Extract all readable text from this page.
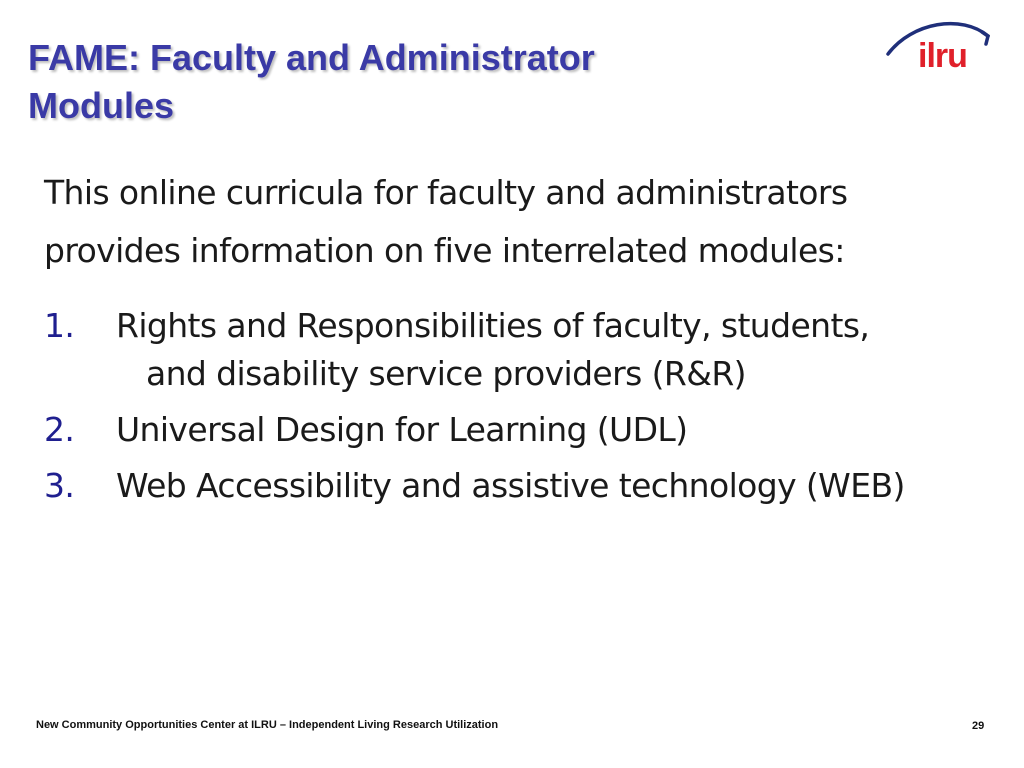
FAME: Faculty and Administrator
Modules
ilru

This online curricula for faculty and administrators
provides information on five interrelated modules:

1. Rights and Responsibilities of faculty, students,
and disability service providers (R&R)
2. Universal Design for Learning (UDL)
3. Web Accessibility and assistive technology (WEB)
New Community Opportunities Center at ILRU – Independent Living Research Utilization	29
